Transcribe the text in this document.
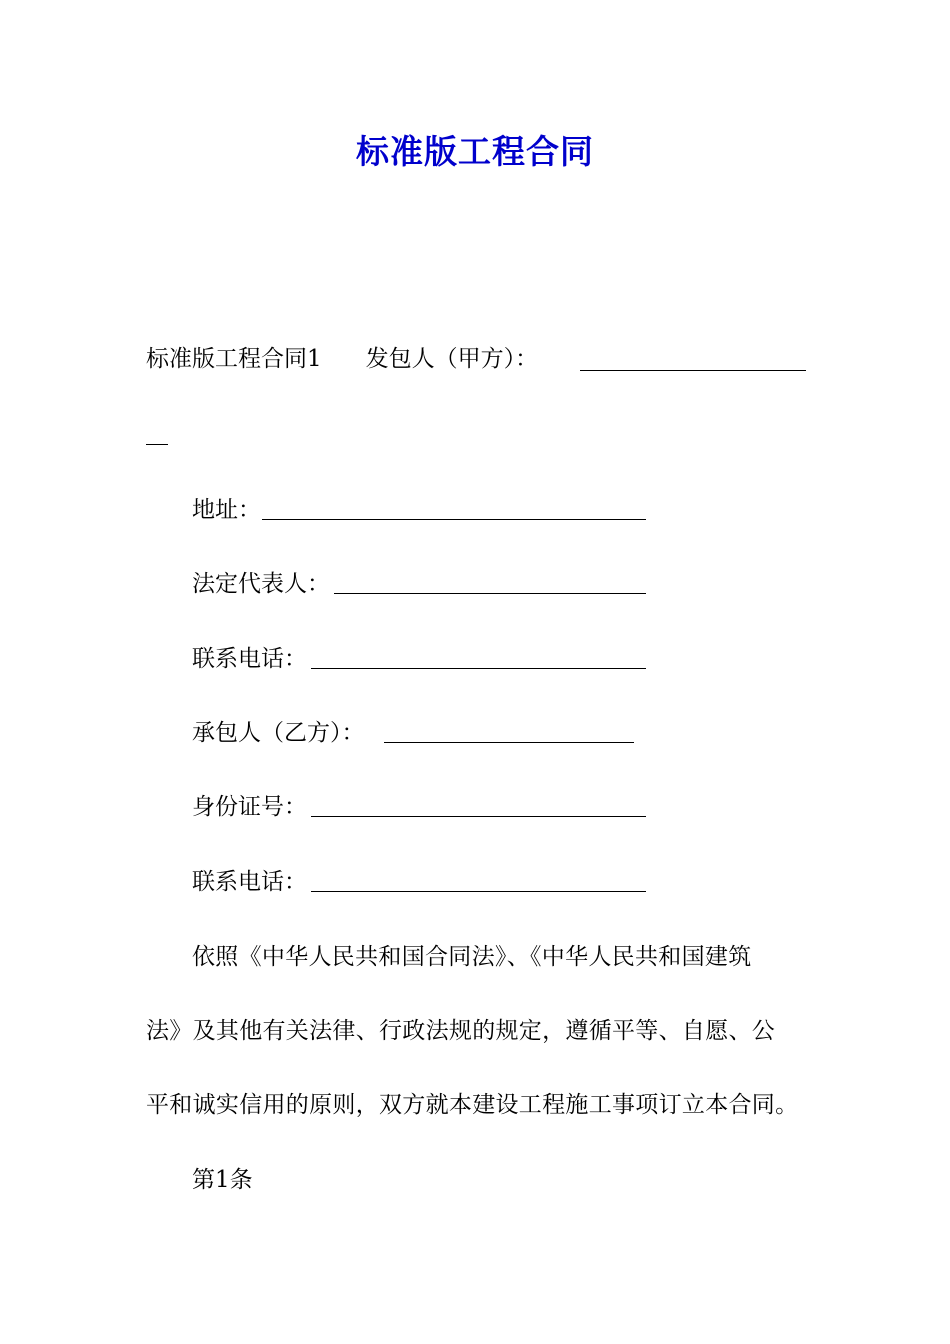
标准版工程合同
标准版工程合同1 发包人（甲方）：
地址：
法定代表人：
联系电话：
承包人（乙方）：
身份证号：
联系电话：
依照《中华人民共和国合同法》、《中华人民共和国建筑
法》及其他有关法律、行政法规的规定，遵循平等、自愿、公
平和诚实信用的原则，双方就本建设工程施工事项订立本合同。
第1条
